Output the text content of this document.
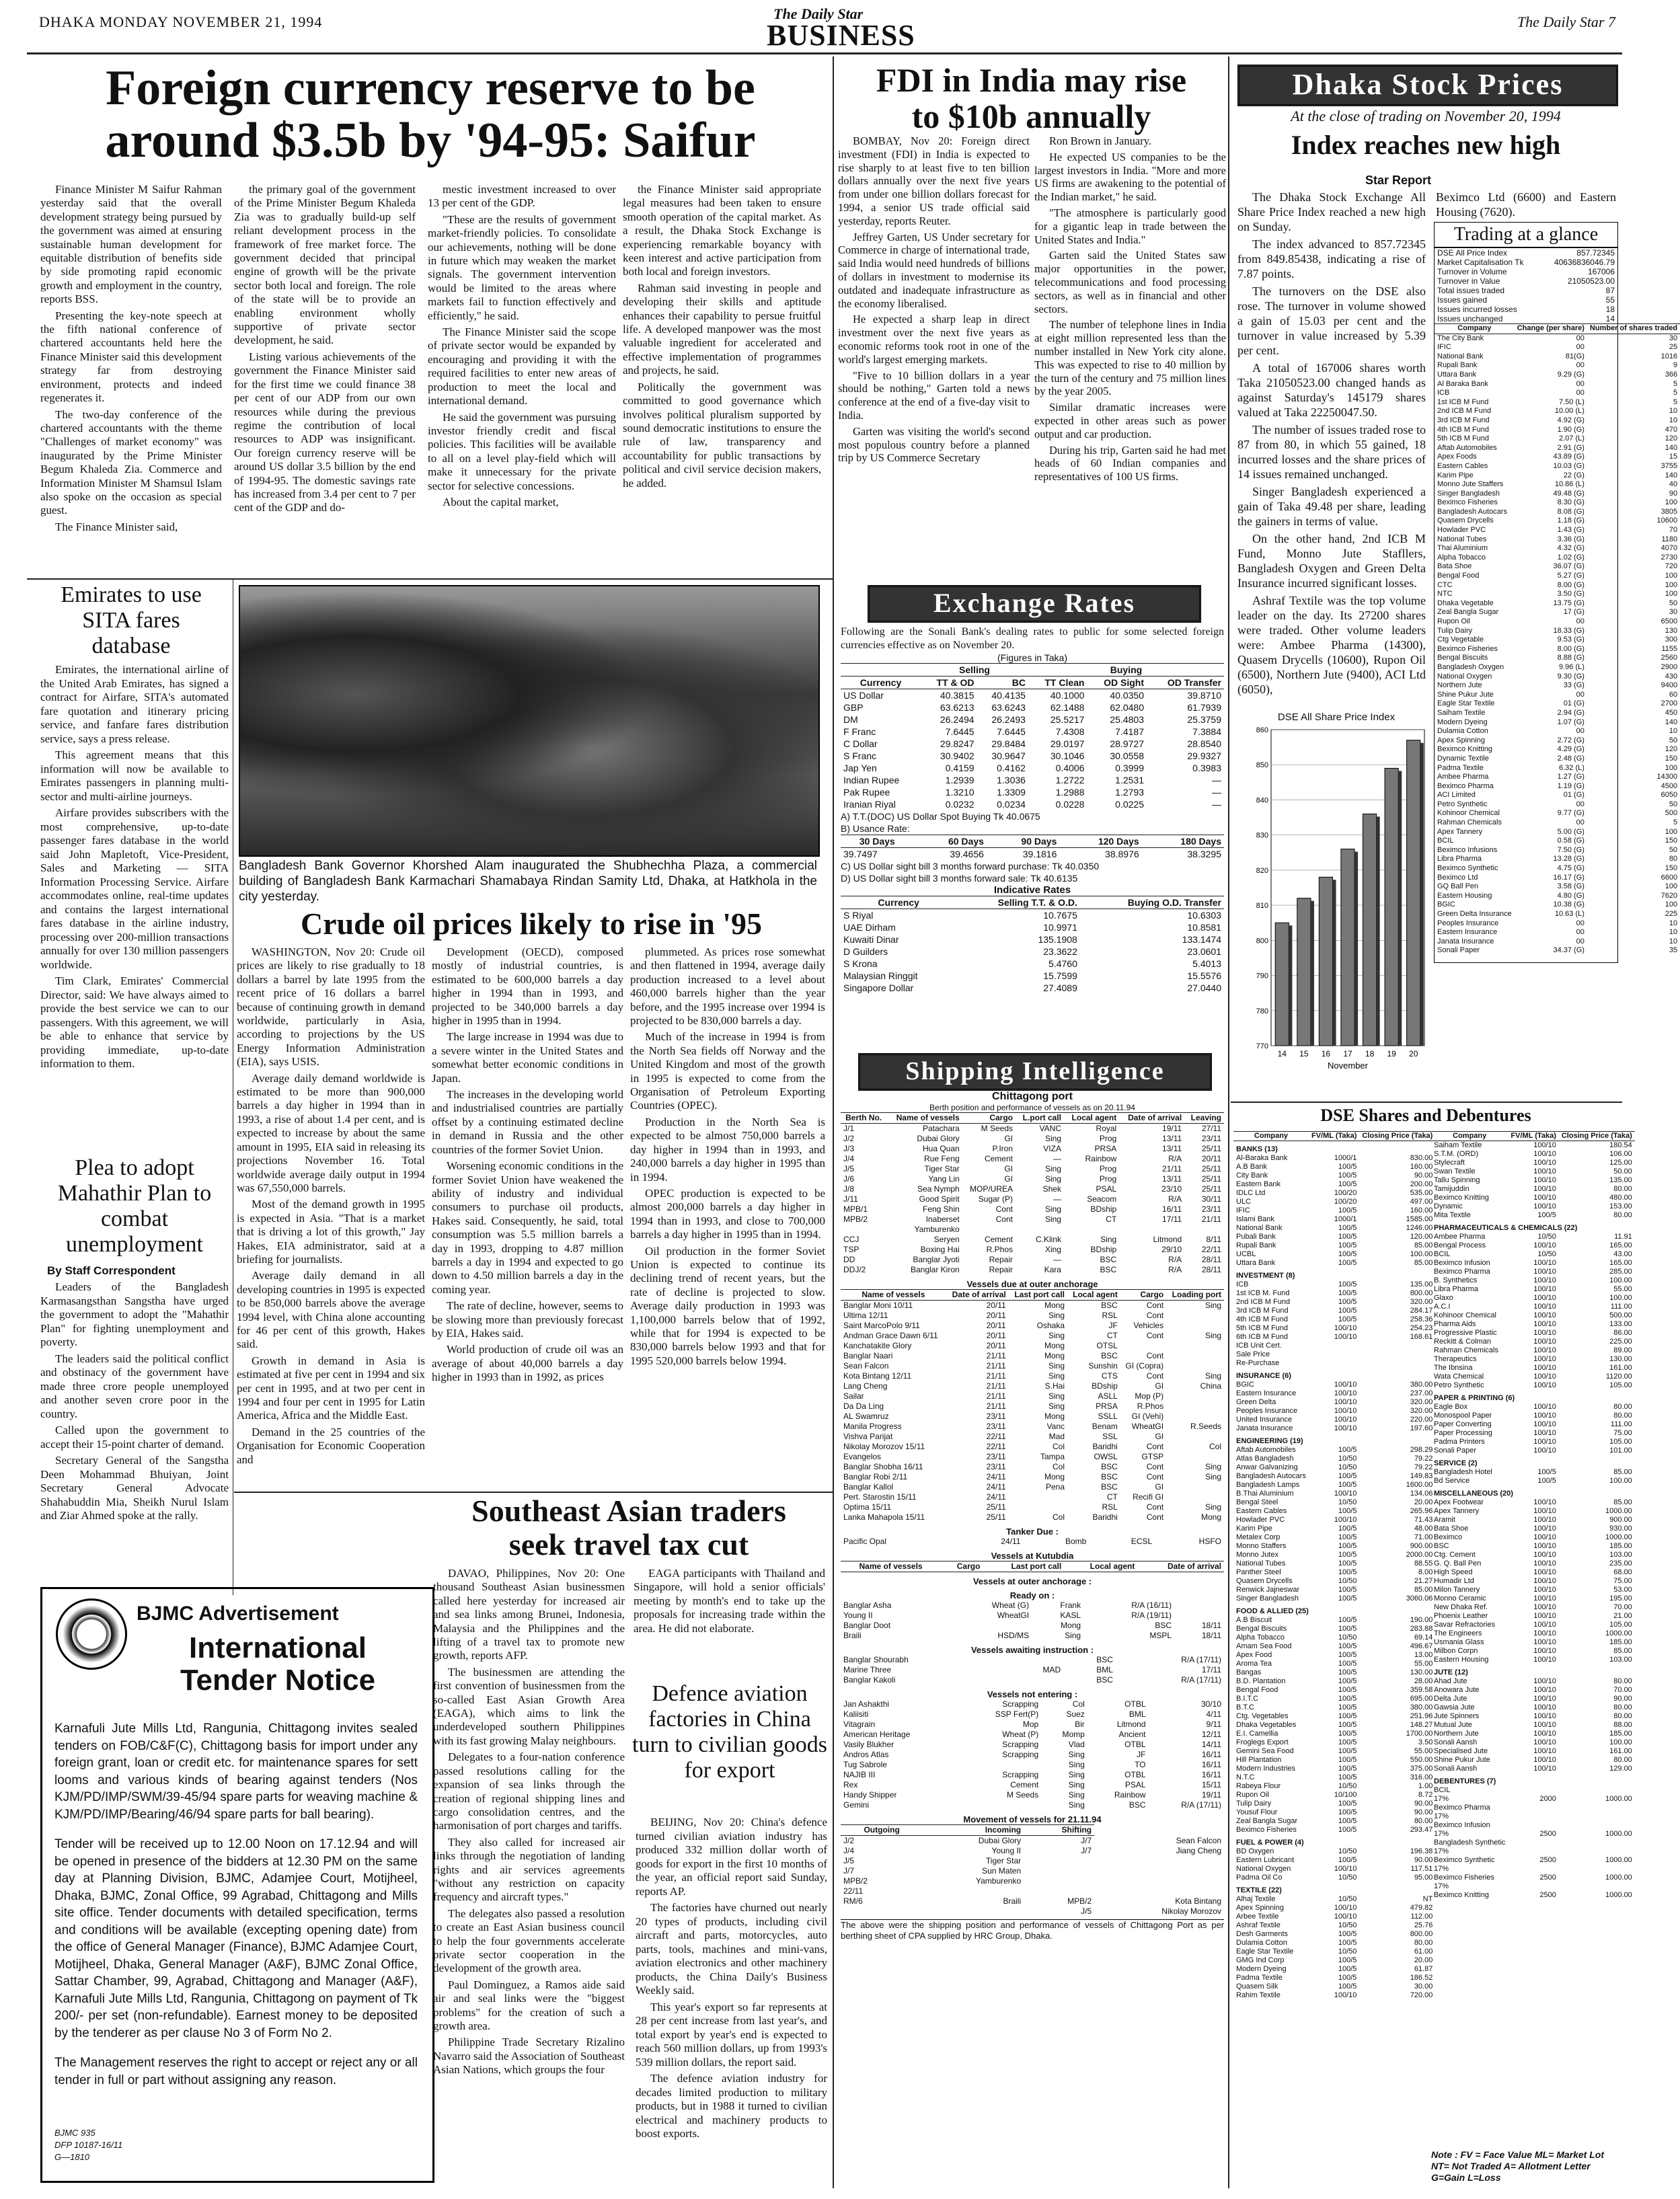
DHAKA MONDAY NOVEMBER 21, 1994	The Daily Star
BUSINESS	The Daily Star 7
Foreign currency reserve to be
around $3.5b by '94-95: Saifur

Finance Minister M Saifur Rahman yesterday said that the overall development strategy being pursued by the government was aimed at ensuring sustainable human development for equitable distribution of benefits side by side promoting rapid economic growth and employment in the country, reports BSS.

Presenting the key-note speech at the fifth national conference of chartered accountants held here the Finance Minister said this development strategy far from destroying environment, protects and indeed regenerates it.

The two-day conference of the chartered accountants with the theme "Challenges of market economy" was inaugurated by the Prime Minister Begum Khaleda Zia. Commerce and Information Minister M Shamsul Islam also spoke on the occasion as special guest.

The Finance Minister said,

the primary goal of the government of the Prime Minister Begum Khaleda Zia was to gradually build-up self reliant development process in the framework of free market force. The government decided that principal engine of growth will be the private sector both local and foreign. The role of the state will be to provide an enabling environment wholly supportive of private sector development, he said.

Listing various achievements of the government the Finance Minister said for the first time we could finance 38 per cent of our ADP from our own resources while during the previous regime the contribution of local resources to ADP was insignificant. Our foreign currency reserve will be around US dollar 3.5 billion by the end of 1994-95. The domestic savings rate has increased from 3.4 per cent to 7 per cent of the GDP and do-

mestic investment increased to over 13 per cent of the GDP.

"These are the results of government market-friendly policies. To consolidate our achievements, nothing will be done in future which may weaken the market signals. The government intervention would be limited to the areas where markets fail to function effectively and efficiently," he said.

The Finance Minister said the scope of private sector would be expanded by encouraging and providing it with the required facilities to enter new areas of production to meet the local and international demand.

He said the government was pursuing investor friendly credit and fiscal policies. This facilities will be available to all on a level play-field which will make it unnecessary for the private sector for selective concessions.

About the capital market,

the Finance Minister said appropriate legal measures had been taken to ensure smooth operation of the capital market. As a result, the Dhaka Stock Exchange is experiencing remarkable boyancy with keen interest and active participation from both local and foreign investors.

Rahman said investing in people and developing their skills and aptitude enhances their capability to persue fruitful life. A developed manpower was the most valuable ingredient for accelerated and effective implementation of programmes and projects, he said.

Politically the government was committed to good governance which involves political pluralism supported by sound democratic institutions to ensure the rule of law, transparency and accountability for public transactions by political and civil service decision makers, he added.

FDI in India may rise
to $10b annually

BOMBAY, Nov 20: Foreign direct investment (FDI) in India is expected to rise sharply to at least five to ten billion dollars annually over the next five years from under one billion dollars forecast for 1994, a senior US trade official said yesterday, reports Reuter.

Jeffrey Garten, US Under secretary for Commerce in charge of international trade, said India would need hundreds of billions of dollars in investment to modernise its outdated and inadequate infrastructure as the economy liberalised.

He expected a sharp leap in direct investment over the next five years as economic reforms took root in one of the world's largest emerging markets.

"Five to 10 billion dollars in a year should be nothing," Garten told a news conference at the end of a five-day visit to India.

Garten was visiting the world's second most populous country before a planned trip by US Commerce Secretary

Ron Brown in January.

He expected US companies to be the largest investors in India. "More and more US firms are awakening to the potential of the Indian market," he said.

"The atmosphere is particularly good for a gigantic leap in trade between the United States and India."

Garten said the United States saw major opportunities in the power, telecommunications and food processing sectors, as well as in financial and other sectors.

The number of telephone lines in India at eight million represented less than the number installed in New York city alone. This was expected to rise to 40 million by the turn of the century and 75 million lines by the year 2005.

Similar dramatic increases were expected in other areas such as power output and car production.

During his trip, Garten said he had met heads of 60 Indian companies and representatives of 100 US firms.

Dhaka Stock Prices
At the close of trading on November 20, 1994
Index reaches new high
Star Report

The Dhaka Stock Exchange All Share Price Index reached a new high on Sunday.

The index advanced to 857.72345 from 849.85438, indicating a rise of 7.87 points.

The turnovers on the DSE also rose. The turnover in volume showed a gain of 15.03 per cent and the turnover in value increased by 5.39 per cent.

A total of 167006 shares worth Taka 21050523.00 changed hands as against Saturday's 145179 shares valued at Taka 22250047.50.

The number of issues traded rose to 87 from 80, in which 55 gained, 18 incurred losses and the share prices of 14 issues remained unchanged.

Singer Bangladesh experienced a gain of Taka 49.48 per share, leading the gainers in terms of value.

On the other hand, 2nd ICB M Fund, Monno Jute Stafllers, Bangladesh Oxygen and Green Delta Insurance incurred significant losses.

Ashraf Textile was the top volume leader on the day. Its 27200 shares were traded. Other volume leaders were: Ambee Pharma (14300), Quasem Drycells (10600), Rupon Oil (6500), Northern Jute (9400), ACI Ltd (6050),

Beximco Ltd (6600) and Eastern Housing (7620).
Trading at a glance
DSE All Price Index	857.72345
Market Capitalisation Tk	40636836046.79
Turnover in Volume	167006
Turnover in Value	21050523.00
Total issues traded	87
Issues gained	55
Issues incurred losses	18
Issues unchanged	14
Company	Change (per share)	Number of shares traded
The City Bank	00	30
IFIC	00	25
National Bank	81(G)	1016
Rupali Bank	00	9
Uttara Bank	9.29 (G)	366
Al Baraka Bank	00	5
ICB	00	5
1st ICB M Fund	7.50 (L)	5
2nd ICB M Fund	10.00 (L)	10
3rd ICB M Fund	4.92 (G)	10
4th ICB M Fund	1.90 (G)	470
5th ICB M Fund	2.07 (L)	120
Aftab Automobiles	2.91 (G)	140
Apex Foods	43.89 (G)	15
Eastern Cables	10.03 (G)	3755
Karim Pipe	22 (G)	140
Monno Jute Staffers	10.86 (L)	40
Singer Bangladesh	49.48 (G)	90
Beximco Fisheries	8.30 (G)	100
Bangladesh Autocars	8.08 (G)	3805
Quasem Drycells	1.18 (G)	10600
Howlader PVC	1.43 (G)	70
National Tubes	3.36 (G)	1180
Thai Aluminium	4.32 (G)	4070
Alpha Tobacco	1.02 (G)	2730
Bata Shoe	36.07 (G)	720
Bengal Food	5.27 (G)	100
CTC	8.00 (G)	100
NTC	3.50 (G)	100
Dhaka Vegetable	13.75 (G)	50
Zeal Bangla Sugar	17 (G)	30
Rupon Oil	00	6500
Tulip Dairy	18.33 (G)	130
Ctg Vegetable	9.53 (G)	300
Beximco Fisheries	8.00 (G)	1155
Bengal Biscuits	8.88 (G)	2560
Bangladesh Oxygen	9.96 (L)	2900
National Oxygen	9.30 (G)	430
Northern Jute	33 (G)	9400
Shine Pukur Jute	00	60
Eagle Star Textile	01 (G)	2700
Saiham Textile	2.94 (G)	450
Modern Dyeing	1.07 (G)	140
Dulamia Cotton	00	10
Apex Spinning	2.72 (G)	50
Beximco Knitting	4.29 (G)	120
Dynamic Textile	2.48 (G)	150
Padma Textile	6.32 (L)	100
Ambee Pharma	1.27 (G)	14300
Beximco Pharma	1.19 (G)	4500
ACI Limited	01 (G)	6050
Petro Synthetic	00	50
Kohinoor Chemical	9.77 (G)	500
Rahman Chemicals	00	5
Apex Tannery	5.00 (G)	100
BCIL	0.58 (G)	150
Beximco Infusions	7.50 (G)	50
Libra Pharma	13.28 (G)	80
Beximco Synthetic	4.75 (G)	150
Beximco Ltd	16.17 (G)	6600
GQ Ball Pen	3.58 (G)	100
Eastern Housing	4.80 (G)	7620
BGIC	10.38 (G)	100
Green Delta Insurance	10.63 (L)	225
Peoples Insurance	00	10
Eastern Insurance	00	10
Janata Insurance	00	10
Sonali Paper	34.37 (G)	35
DSE All Share Price Index
770
780
790
800
810
820
830
840
850
860
14 15 16 17 18 19 20
November
Exchange Rates
Following are the Sonali Bank's dealing rates to public for some selected foreign currencies effective as on November 20.
(Figures in Taka)
	Selling		Buying		
Currency	TT & OD	BC	TT Clean	OD Sight	OD Transfer
US Dollar	40.3815	40.4135	40.1000	40.0350	39.8710
GBP	63.6213	63.6243	62.1488	62.0480	61.7939
DM	26.2494	26.2493	25.5217	25.4803	25.3759
F Franc	7.6445	7.6445	7.4308	7.4187	7.3884
C Dollar	29.8247	29.8484	29.0197	28.9727	28.8540
S Franc	30.9402	30.9647	30.1046	30.0558	29.9327
Jap Yen	0.4159	0.4162	0.4006	0.3999	0.3983
Indian Rupee	1.2939	1.3036	1.2722	1.2531	—
Pak Rupee	1.3210	1.3309	1.2988	1.2793	—
Iranian Riyal	0.0232	0.0234	0.0228	0.0225	—
A) T.T.(DOC) US Dollar Spot Buying Tk 40.0675
B) Usance Rate:
30 Days	60 Days	90 Days	120 Days	180 Days
39.7497	39.4656	39.1816	38.8976	38.3295
C) US Dollar sight bill 3 months forward purchase: Tk 40.0350
D) US Dollar sight bill 3 months forward sale: Tk 40.6135
Indicative Rates
Currency	Selling T.T. & O.D.	Buying O.D. Transfer
S Riyal	10.7675	10.6303
UAE Dirham	10.9971	10.8581
Kuwaiti Dinar	135.1908	133.1474
D Guilders	23.3622	23.0601
S Krona	5.4760	5.4013
Malaysian Ringgit	15.7599	15.5576
Singapore Dollar	27.4089	27.0440
Shipping Intelligence
Chittagong port
Berth position and performance of vessels as on 20.11.94
Berth No.	Name of vessels	Cargo	L.port call	Local agent	Date of arrival	Leaving
J/1	Patachara	M Seeds	VANC	Royal	19/11	27/11
J/2	Dubai Glory	GI	Sing	Prog	13/11	23/11
J/3	Hua Quan	P.Iron	VIZA	PRSA	13/11	25/11
J/4	Rue Feng	Cement	—	Rainbow	R/A	20/11
J/5	Tiger Star	GI	Sing	Prog	21/11	25/11
J/6	Yang Lin	GI	Sing	Prog	13/11	25/11
J/8	Sea Nymph	MOP/UREA	Shek	PSAL	23/10	25/11
J/11	Good Spirit	Sugar (P)	—	Seacom	R/A	30/11
MPB/1	Feng Shin	Cont	Sing	BDship	16/11	23/11
MPB/2	Inaberset	Cont	Sing	CT	17/11	21/11
	Yamburenko					
CCJ	Seryen	Cement	C.Klink	Sing	Litmond	8/11
TSP	Boxing Hai	R.Phos	Xing	BDship	29/10	22/11
DD	Banglar Jyoti	Repair	—	BSC	R/A	28/11
DDJ/2	Banglar Kiron	Repair	Kara	BSC	R/A	28/11
Vessels due at outer anchorage
Name of vessels	Date of arrival	Last port call	Local agent	Cargo	Loading port
Banglar Moni 10/11	20/11	Mong	BSC	Cont	Sing
Ultima 12/11	20/11	Sing	RSL	Cont	
Saint MarcoPolo 9/11	20/11	Oshaka	JF	Vehicles	
Andman Grace Dawn 6/11	20/11	Sing	CT	Cont	Sing
Kanchatakite Glory	20/11	Mong	OTSL		
Banglar Naari	21/11	Mong	BSC	Cont	
Sean Falcon	21/11	Sing	Sunshin	GI (Copra)	
Kota Bintang 12/11	21/11	Sing	CTS	Cont	Sing
Lang Cheng	21/11	S.Hai	BDship	GI	China
Sailar	21/11	Sing	ASLL	Mop (P)	
Da Da Ling	21/11	Sing	PRSA	R.Phos	
AL Swamruz	23/11	Mong	SSLL	GI (Vehi)	
Manila Progress	23/11	Vanc	Benam	WheatGI	R.Seeds
Vishva Parijat	22/11	Mad	SSL	GI	
Nikolay Morozov 15/11	22/11	Col	Baridhi	Cont	Col
Evangelos	23/11	Tampa	OWSL	GTSP	
Banglar Shobha 16/11	23/11	Col	BSC	Cont	Sing
Banglar Robi 2/11	24/11	Mong	BSC	Cont	Sing
Banglar Kallol	24/11	Pena	BSC	GI	
Pert. Starostin 15/11	24/11		CT	Recifi GI	
Optima 15/11	25/11		RSL	Cont	Sing
Lanka Mahapola 15/11	25/11	Col	Baridhi	Cont	Mong
Tanker Due :
Pacific Opal	24/11	Bomb	ECSL	HSFO
Vessels at Kutubdia
Name of vessels	Cargo	Last port call	Local agent	Date of arrival
Vessels at outer anchorage :
Ready on :
Banglar Asha	Wheat (G)	Frank	R/A (16/11)	
Young II	WheatGI	KASL	R/A (19/11)	
Banglar Doot		Mong	BSC	18/11
Braili	HSD/MS	Sing	MSPL	18/11
Vessels awaiting instruction :
Banglar Shourabh		BSC	R/A (17/11)
Marine Three	MAD	BML	17/11
Banglar Kakoli		BSC	R/A (17/11)
Vessels not entering :
Jan Ashakthi	Scrapping	Col	OTBL	30/10
Kaliisiti	SSP Fert(P)	Suez	BML	4/11
Vitagrain	Mop	Bir	Litmond	9/11
American Heritage	Wheat (P)	Momp	Ancient	12/11
Vasily Blukher	Scrapping	Vlad	OTBL	14/11
Andros Atlas	Scrapping	Sing	JF	16/11
Tug Sabrole		Sing	TO	16/11
NAJIB III	Scrapping	Sing	OTBL	16/11
Rex	Cement	Sing	PSAL	15/11
Handy Shipper	M Seeds	Sing	Rainbow	19/11
Gemini		Sing	BSC	R/A (17/11)
Movement of vessels for 21.11.94
Outgoing	Incoming	Shifting	
J/2	Dubai Glory	J/7	Sean Falcon
J/4	Young II	J/7	Jiang Cheng
J/5	Tiger Star		
J/7	Sun Maten		
MPB/2	Yamburenko		
22/11			
RM/6	Braili	MPB/2	Kota Bintang
		J/5	Nikolay Morozov
The above were the shipping position and performance of vessels of Chittagong Port as per berthing sheet of CPA supplied by HRC Group, Dhaka.
Emirates to use SITA fares database

Emirates, the international airline of the United Arab Emirates, has signed a contract for Airfare, SITA's automated fare quotation and itinerary pricing service, and fanfare fares distribution service, says a press release.

This agreement means that this information will now be available to Emirates passengers in planning multi-sector and multi-airline journeys.

Airfare provides subscribers with the most comprehensive, up-to-date passenger fares database in the world said John Mapletoft, Vice-President, Sales and Marketing — SITA Information Processing Service. Airfare accommodates online, real-time updates and contains the largest international fares database in the airline industry, processing over 200-million transactions annually for over 130 million passengers worldwide.

Tim Clark, Emirates' Commercial Director, said: We have always aimed to provide the best service we can to our passengers. With this agreement, we will be able to enhance that service by providing immediate, up-to-date information to them.

Plea to adopt Mahathir Plan to combat unemployment
By Staff Correspondent

Leaders of the Bangladesh Karmasangsthan Sangstha have urged the government to adopt the "Mahathir Plan" for fighting unemployment and poverty.

The leaders said the political conflict and obstinacy of the government have made three crore people unemployed and another seven crore poor in the country.

Called upon the government to accept their 15-point charter of demand.

Secretary General of the Sangstha Deen Mohammad Bhuiyan, Joint Secretary General Advocate Shahabuddin Mia, Sheikh Nurul Islam and Ziar Ahmed spoke at the rally.

Bangladesh Bank Governor Khorshed Alam inaugurated the Shubhechha Plaza, a commercial building of Bangladesh Bank Karmachari Shamabaya Rindan Samity Ltd, Dhaka, at Hatkhola in the city yesterday.
Crude oil prices likely to rise in '95

WASHINGTON, Nov 20: Crude oil prices are likely to rise gradually to 18 dollars a barrel by late 1995 from the recent price of 16 dollars a barrel because of continuing growth in demand worldwide, particularly in Asia, according to projections by the US Energy Information Administration (EIA), says USIS.

Average daily demand worldwide is estimated to be more than 900,000 barrels a day higher in 1994 than in 1993, a rise of about 1.4 per cent, and is expected to increase by about the same amount in 1995, EIA said in releasing its projections November 16. Total worldwide average daily output in 1994 was 67,550,000 barrels.

Most of the demand growth in 1995 is expected in Asia. "That is a market that is driving a lot of this growth," Jay Hakes, EIA administrator, said at a briefing for journalists.

Average daily demand in all developing countries in 1995 is expected to be 850,000 barrels above the average 1994 level, with China alone accounting for 46 per cent of this growth, Hakes said.

Growth in demand in Asia is estimated at five per cent in 1994 and six per cent in 1995, and at two per cent in 1994 and four per cent in 1995 for Latin America, Africa and the Middle East.

Demand in the 25 countries of the Organisation for Economic Cooperation and

Development (OECD), composed mostly of industrial countries, is estimated to be 600,000 barrels a day higher in 1994 than in 1993, and projected to be 340,000 barrels a day higher in 1995 than in 1994.

The large increase in 1994 was due to a severe winter in the United States and somewhat better economic conditions in Japan.

The increases in the developing world and industrialised countries are partially offset by a continuing estimated decline in demand in Russia and the other countries of the former Soviet Union.

Worsening economic conditions in the former Soviet Union have weakened the ability of industry and individual consumers to purchase oil products, Hakes said. Consequently, he said, total consumption was 5.5 million barrels a day in 1993, dropping to 4.87 million barrels a day in 1994 and expected to go down to 4.50 million barrels a day in the coming year.

The rate of decline, however, seems to be slowing more than previously forecast by EIA, Hakes said.

World production of crude oil was an average of about 40,000 barrels a day higher in 1993 than in 1992, as prices

plummeted. As prices rose somewhat and then flattened in 1994, average daily production increased to a level about 460,000 barrels higher than the year before, and the 1995 increase over 1994 is projected to be 830,000 barrels a day.

Much of the increase in 1994 is from the North Sea fields off Norway and the United Kingdom and most of the growth in 1995 is expected to come from the Organisation of Petroleum Exporting Countries (OPEC).

Production in the North Sea is expected to be almost 750,000 barrels a day higher in 1994 than in 1993, and 240,000 barrels a day higher in 1995 than in 1994.

OPEC production is expected to be almost 200,000 barrels a day higher in 1994 than in 1993, and close to 700,000 barrels a day higher in 1995 than in 1994.

Oil production in the former Soviet Union is expected to continue its declining trend of recent years, but the rate of decline is projected to slow. Average daily production in 1993 was 1,100,000 barrels below that of 1992, while that for 1994 is expected to be 830,000 barrels below 1993 and that for 1995 520,000 barrels below 1994.

Southeast Asian traders
seek travel tax cut

DAVAO, Philippines, Nov 20: One thousand Southeast Asian businessmen called here yesterday for increased air and sea links among Brunei, Indonesia, Malaysia and the Philippines and the lifting of a travel tax to promote new growth, reports AFP.

The businessmen are attending the first convention of businessmen from the so-called East Asian Growth Area (EAGA), which aims to link the underdeveloped southern Philippines with its fast growing Malay neighbours.

Delegates to a four-nation conference passed resolutions calling for the expansion of sea links through the creation of regional shipping lines and cargo consolidation centres, and the harmonisation of port charges and tariffs.

They also called for increased air links through the negotiation of landing rights and air services agreements "without any restriction on capacity frequency and aircraft types."

The delegates also passed a resolution to create an East Asian business council to help the four governments accelerate private sector cooperation in the development of the growth area.

Paul Dominguez, a Ramos aide said air and seal links were the "biggest problems" for the creation of such a growth area.

Philippine Trade Secretary Rizalino Navarro said the Association of Southeast Asian Nations, which groups the four

EAGA participants with Thailand and Singapore, will hold a senior officials' meeting by month's end to take up the proposals for increasing trade within the area. He did not elaborate.

Defence aviation factories in China turn to civilian goods for export

BEIJING, Nov 20: China's defence turned civilian aviation industry has produced 332 million dollar worth of goods for export in the first 10 months of the year, an official report said Sunday, reports AP.

The factories have churned out nearly 20 types of products, including civil aircraft and parts, motorcycles, auto parts, tools, machines and mini-vans, aviation electronics and other machinery products, the China Daily's Business Weekly said.

This year's export so far represents at 28 per cent increase from last year's, and total export by year's end is expected to reach 560 million dollars, up from 1993's 539 million dollars, the report said.

The defence aviation industry for decades limited production to military products, but in 1988 it turned to civilian electrical and machinery products to boost exports.

BJMC Advertisement
International
Tender Notice

Karnafuli Jute Mills Ltd, Rangunia, Chittagong invites sealed tenders on FOB/C&F(C), Chittagong basis for import under any foreign grant, loan or credit etc. for maintenance spares for sett looms and various kinds of bearing against tenders (Nos KJM/PD/IMP/SWM/39-45/94 spare parts for weaving machine & KJM/PD/IMP/Bearing/46/94 spare parts for ball bearing).

Tender will be received up to 12.00 Noon on 17.12.94 and will be opened in presence of the bidders at 12.30 PM on the same day at Planning Division, BJMC, Adamjee Court, Motijheel, Dhaka, BJMC, Zonal Office, 99 Agrabad, Chittagong and Mills site office. Tender documents with detailed specification, terms and conditions will be available (excepting opening date) from the office of General Manager (Finance), BJMC Adamjee Court, Motijheel, Dhaka, General Manager (A&F), BJMC Zonal Office, Sattar Chamber, 99, Agrabad, Chittagong and Manager (A&F), Karnafuli Jute Mills Ltd, Rangunia, Chittagong on payment of Tk 200/- per set (non-refundable). Earnest money to be deposited by the tenderer as per clause No 3 of Form No 2.

The Management reserves the right to accept or reject any or all tender in full or part without assigning any reason.

BJMC 935
DFP 10187-16/11
G—1810
DSE Shares and Debentures
Company	FV/ML (Taka)	Closing Price (Taka)
BANKS (13)		
Al-Baraka Bank	1000/1	830.00
A.B Bank	100/5	160.00
City Bank	100/5	90.00
Eastern Bank	100/5	200.00
IDLC Ltd	100/20	535.00
ULC	100/20	497.00
IFIC	100/5	160.00
Islami Bank	1000/1	1585.00
National Bank	100/5	1246.00
Pubali Bank	100/5	120.00
Rupali Bank	100/5	85.00
UCBL	100/5	100.00
Uttara Bank	100/5	85.00
INVESTMENT (8)		
ICB	100/5	135.00
1st ICB M. Fund	100/5	800.00
2nd ICB M Fund	100/5	320.00
3rd ICB M Fund	100/5	284.17
4th ICB M Fund	100/5	258.36
5th ICB M Fund	100/10	254.23
6th ICB M Fund	100/10	168.61
ICB Unit Cert.		
Sale Price		
Re-Purchase		
INSURANCE (6)		
BGIC	100/10	380.00
Eastern Insurance	100/10	237.00
Green Delta	100/10	320.00
Peoples Insurance	100/10	320.00
United Insurance	100/10	220.00
Janata Insurance	100/10	197.60
ENGINEERING (19)		
Aftab Automobiles	100/5	298.29
Atlas Bangladesh	10/50	79.22
Anwar Galvanizing	10/50	79.22
Bangladesh Autocars	100/5	149.83
Bangladesh Lamps	100/5	1600.00
B.Thai Aluminium	100/10	134.06
Bengal Steel	10/50	20.00
Eastern Cables	100/5	265.96
Howlader PVC	100/10	71.43
Karim Pipe	100/5	48.00
Metalex Corp	100/5	71.00
Monno Staffers	100/5	900.00
Monno Jutex	100/5	2000.00
National Tubes	100/5	88.55
Panther Steel	100/5	8.00
Quasem Drycells	10/50	21.27
Renwick Jajneswar	100/5	85.00
Singer Bangladesh	100/5	3060.06
FOOD & ALLIED (25)		
A.B Biscuit	100/5	190.00
Bengal Biscuits	100/5	283.88
Alpha Tobacco	10/50	69.14
Amam Sea Food	100/5	496.67
Apex Food	100/5	13.00
Aroma Tea	100/5	55.00
Bangas	100/5	130.00
B.D. Plantation	100/5	28.00
Bengal Food	100/5	359.58
B.I.T.C	100/5	695.00
B.T.C	100/5	380.00
Ctg. Vegetables	100/5	251.96
Dhaka Vegetables	100/5	148.27
E.I. Camellia	100/5	1700.00
Froglegs Export	100/5	3.50
Gemini Sea Food	100/5	55.00
Hill Plantation	100/5	550.00
Modern Industries	100/5	375.00
N.T.C	100/5	316.00
Rabeya Flour	10/50	1.00
Rupon Oil	10/100	8.72
Tulip Dairy	100/5	90.00
Yousuf Flour	100/5	90.00
Zeal Bangla Sugar	100/5	80.00
Beximco Fisheries	100/5	293.47
FUEL & POWER (4)		
BD Oxygen	10/50	196.38
Eastern Lubricant	100/5	90.00
National Oxygen	100/10	117.51
Padma Oil Co	10/50	95.00
TEXTILE (22)		
Alhaj Textile	10/50	NT
Apex Spinning	100/10	479.82
Arbee Textile	100/10	112.00
Ashraf Textile	10/50	25.76
Desh Garments	100/5	800.00
Dulamia Cotton	100/5	80.00
Eagle Star Textile	10/50	61.00
GMG Ind Corp	100/5	20.00
Modern Dyeing	100/5	61.87
Padma Textile	100/5	186.52
Quasem Silk	100/5	30.00
Rahim Textile	100/10	720.00
Company	FV/ML (Taka)	Closing Price (Taka)
Saiham Textile	100/10	180.54
S.T.M. (ORD)	100/10	106.00
Stylecraft	100/10	125.00
Swan Textile	100/10	50.00
Tallu Spinning	100/10	135.00
Tamijuddin	100/10	80.00
Beximco Knitting	100/10	480.00
Dynamic	100/10	153.00
Mita Textile	100/5	80.00
PHARMACEUTICALS & CHEMICALS (22)		
Ambee Pharma	10/50	11.91
Bengal Process	100/10	165.00
BCIL	10/50	43.00
Beximco Infusion	100/10	165.00
Beximco Pharma	100/10	285.00
B. Synthetics	100/10	100.00
Libra Pharma	100/10	55.00
Glaxo	100/10	100.00
A.C.I	100/10	111.00
Kohinoor Chemical	100/10	500.00
Pharma Aids	100/10	133.00
Progressive Plastic	100/10	86.00
Reckitt & Colman	100/10	225.00
Rahman Chemicals	100/10	89.00
Therapeutics	100/10	130.00
The Ibnsina	100/10	161.00
Wata Chemical	100/10	1120.00
Petro Synthetic	100/10	105.00
PAPER & PRINTING (6)		
Eagle Box	100/10	80.00
Monospool Paper	100/10	80.00
Paper Converting	100/10	111.00
Paper Processing	100/10	75.00
Padma Printers	100/10	105.00
Sonali Paper	100/10	101.00
SERVICE (2)		
Bangladesh Hotel	100/5	85.00
Bd Service	100/5	100.00
MISCELLANEOUS (20)		
Apex Footwear	100/10	85.00
Apex Tannery	100/10	1000.00
Aramit	100/10	900.00
Bata Shoe	100/10	930.00
Beximco	100/10	1000.00
BSC	100/10	185.00
Ctg. Cement	100/10	103.00
G. Q. Ball Pen	100/10	235.00
High Speed	100/10	68.00
Humadir Ltd	100/10	75.00
Milon Tannery	100/10	53.00
Monno Ceramic	100/10	195.00
New Dhaka Ref.	100/10	70.00
Phoenix Leather	100/10	21.00
Savar Refractories	100/10	105.00
The Engineers	100/10	1000.00
Usmania Glass	100/10	185.00
Milbon Corpn	100/10	85.00
Eastern Housing	100/10	103.00
JUTE (12)		
Ahad Jute	100/10	80.00
Anowara Jute	100/10	70.00
Delta Jute	100/10	90.00
Gawsia Jute	100/10	80.00
Jute Spinners	100/10	80.00
Mutual Jute	100/10	88.00
Northern Jute	100/10	185.00
Sonali Aansh	100/10	100.00
Specialised Jute	100/10	161.00
Shine Pukur Jute	100/10	80.00
Sonali Aansh	100/10	129.00
DEBENTURES (7)		
BCIL		
17%	2000	1000.00
Beximco Pharma		
17%		
Beximco Infusion		
17%	2500	1000.00
Bangladesh Synthetic		
17%		
Beximco Synthetic	2500	1000.00
17%		
Beximco Fisheries	2500	1000.00
17%		
Beximco Knitting	2500	1000.00
Note : FV = Face Value ML= Market Lot NT= Not Traded A= Allotment Letter G=Gain L=Loss
